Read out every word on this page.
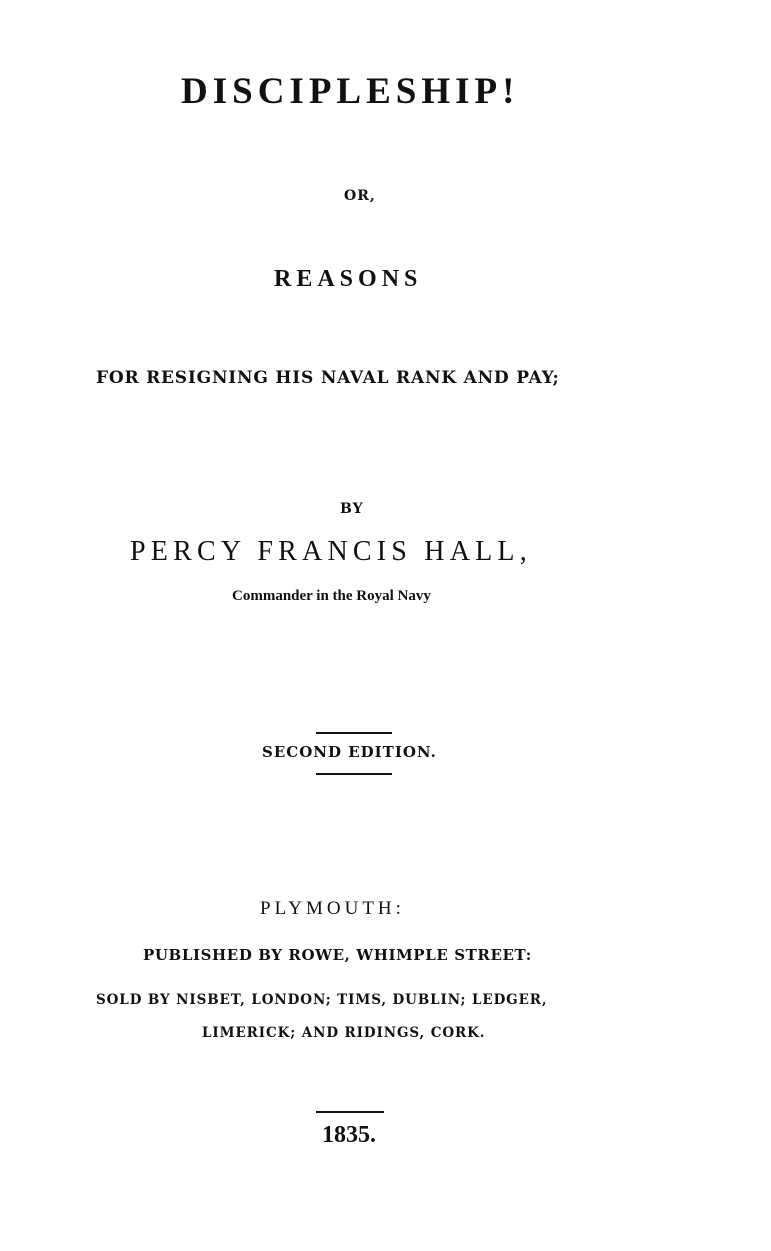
DISCIPLESHIP!
OR,
REASONS
FOR RESIGNING HIS NAVAL RANK AND PAY;
BY
PERCY FRANCIS HALL,
Commander in the Royal Navy
SECOND EDITION.
PLYMOUTH:
PUBLISHED BY ROWE, WHIMPLE STREET:
SOLD BY NISBET, LONDON; TIMS, DUBLIN; LEDGER,
LIMERICK; AND RIDINGS, CORK.
1835.
